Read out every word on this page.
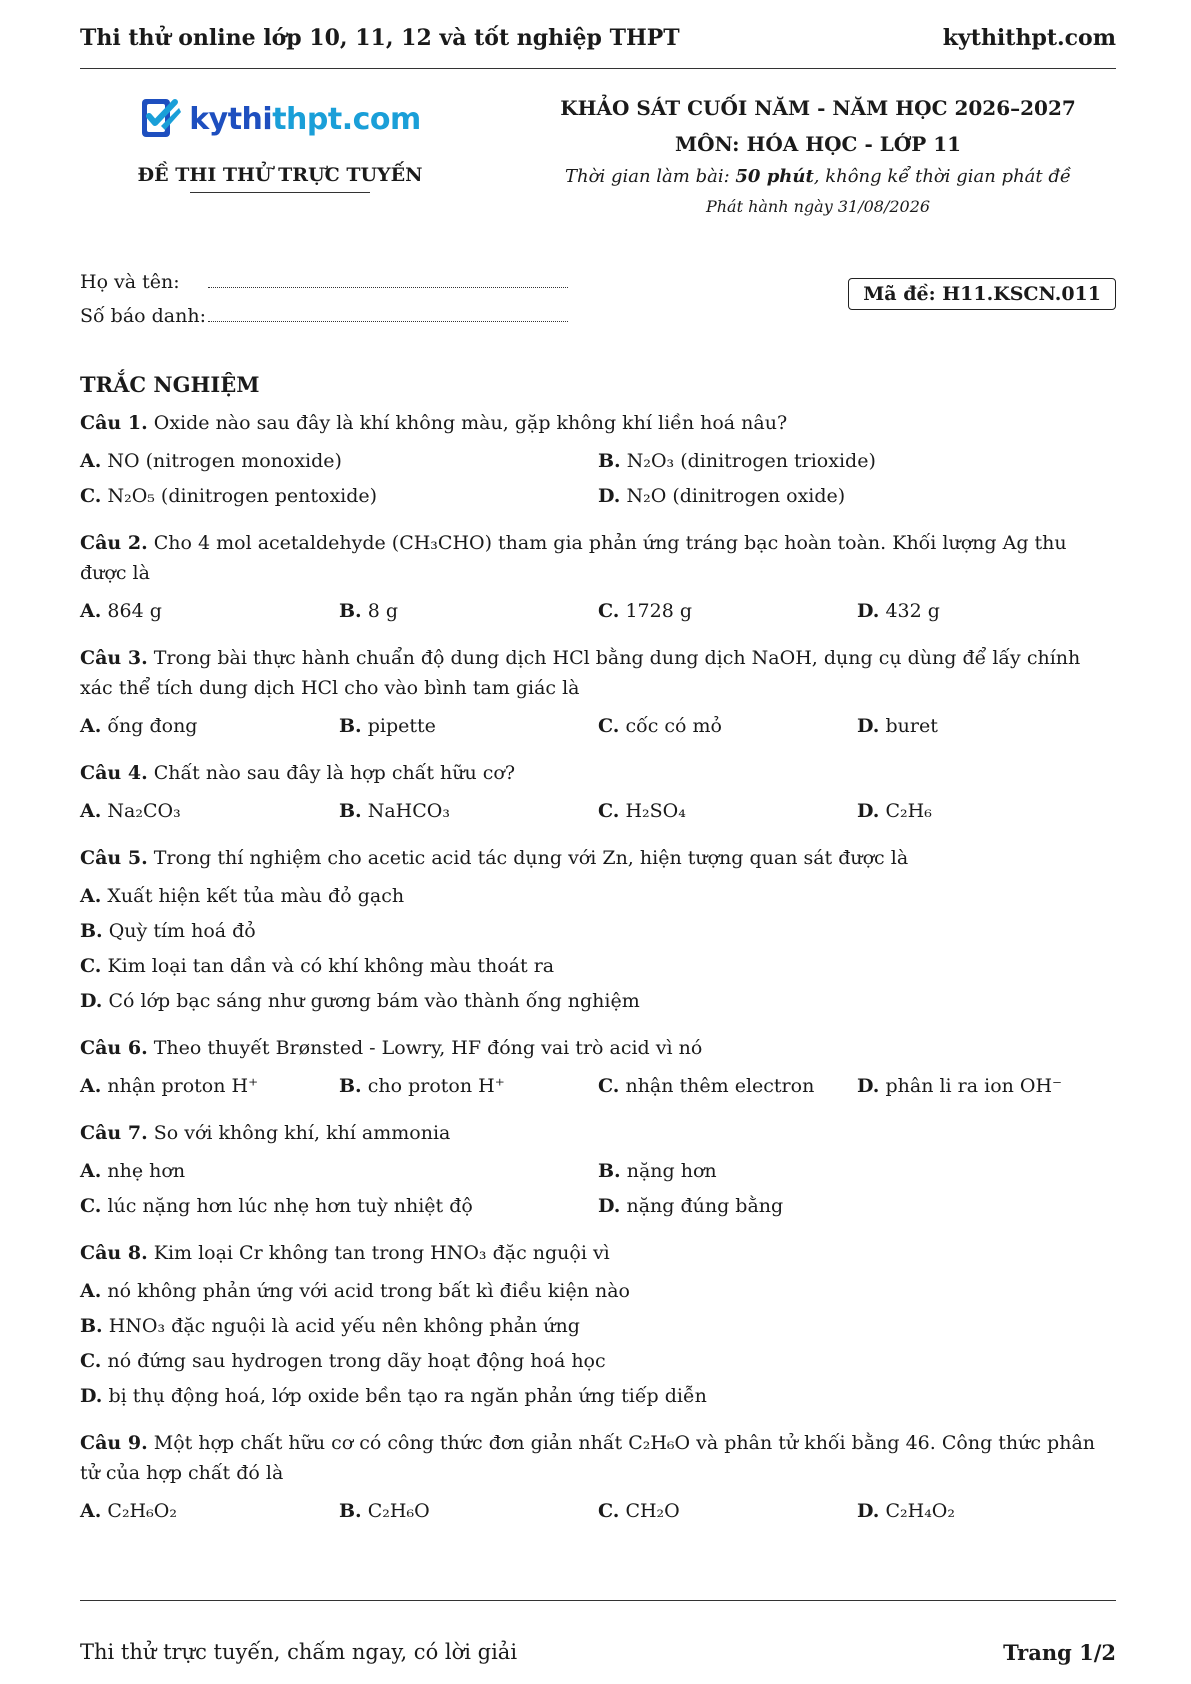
Thi thử online lớp 10, 11, 12 và tốt nghiệp THPT	kythithpt.com
kythithpt.com
ĐỀ THI THỬ TRỰC TUYẾN
KHẢO SÁT CUỐI NĂM - NĂM HỌC 2026–2027
MÔN: HÓA HỌC - LỚP 11
Thời gian làm bài: 50 phút, không kể thời gian phát đề
Phát hành ngày 31/08/2026
Họ và tên:
Số báo danh:
Mã đề: H11.KSCN.011
TRẮC NGHIỆM
Câu 1. Oxide nào sau đây là khí không màu, gặp không khí liền hoá nâu?
A. NO (nitrogen monoxide)	B. N₂O₃ (dinitrogen trioxide)
C. N₂O₅ (dinitrogen pentoxide)	D. N₂O (dinitrogen oxide)
Câu 2. Cho 4 mol acetaldehyde (CH₃CHO) tham gia phản ứng tráng bạc hoàn toàn. Khối lượng Ag thu được là
A. 864 g	B. 8 g	C. 1728 g	D. 432 g
Câu 3. Trong bài thực hành chuẩn độ dung dịch HCl bằng dung dịch NaOH, dụng cụ dùng để lấy chính xác thể tích dung dịch HCl cho vào bình tam giác là
A. ống đong	B. pipette	C. cốc có mỏ	D. buret
Câu 4. Chất nào sau đây là hợp chất hữu cơ?
A. Na₂CO₃	B. NaHCO₃	C. H₂SO₄	D. C₂H₆
Câu 5. Trong thí nghiệm cho acetic acid tác dụng với Zn, hiện tượng quan sát được là
A. Xuất hiện kết tủa màu đỏ gạch
B. Quỳ tím hoá đỏ
C. Kim loại tan dần và có khí không màu thoát ra
D. Có lớp bạc sáng như gương bám vào thành ống nghiệm
Câu 6. Theo thuyết Brønsted - Lowry, HF đóng vai trò acid vì nó
A. nhận proton H⁺	B. cho proton H⁺	C. nhận thêm electron	D. phân li ra ion OH⁻
Câu 7. So với không khí, khí ammonia
A. nhẹ hơn	B. nặng hơn
C. lúc nặng hơn lúc nhẹ hơn tuỳ nhiệt độ	D. nặng đúng bằng
Câu 8. Kim loại Cr không tan trong HNO₃ đặc nguội vì
A. nó không phản ứng với acid trong bất kì điều kiện nào
B. HNO₃ đặc nguội là acid yếu nên không phản ứng
C. nó đứng sau hydrogen trong dãy hoạt động hoá học
D. bị thụ động hoá, lớp oxide bền tạo ra ngăn phản ứng tiếp diễn
Câu 9. Một hợp chất hữu cơ có công thức đơn giản nhất C₂H₆O và phân tử khối bằng 46. Công thức phân tử của hợp chất đó là
A. C₂H₆O₂	B. C₂H₆O	C. CH₂O	D. C₂H₄O₂
Thi thử trực tuyến, chấm ngay, có lời giải	Trang 1/2
